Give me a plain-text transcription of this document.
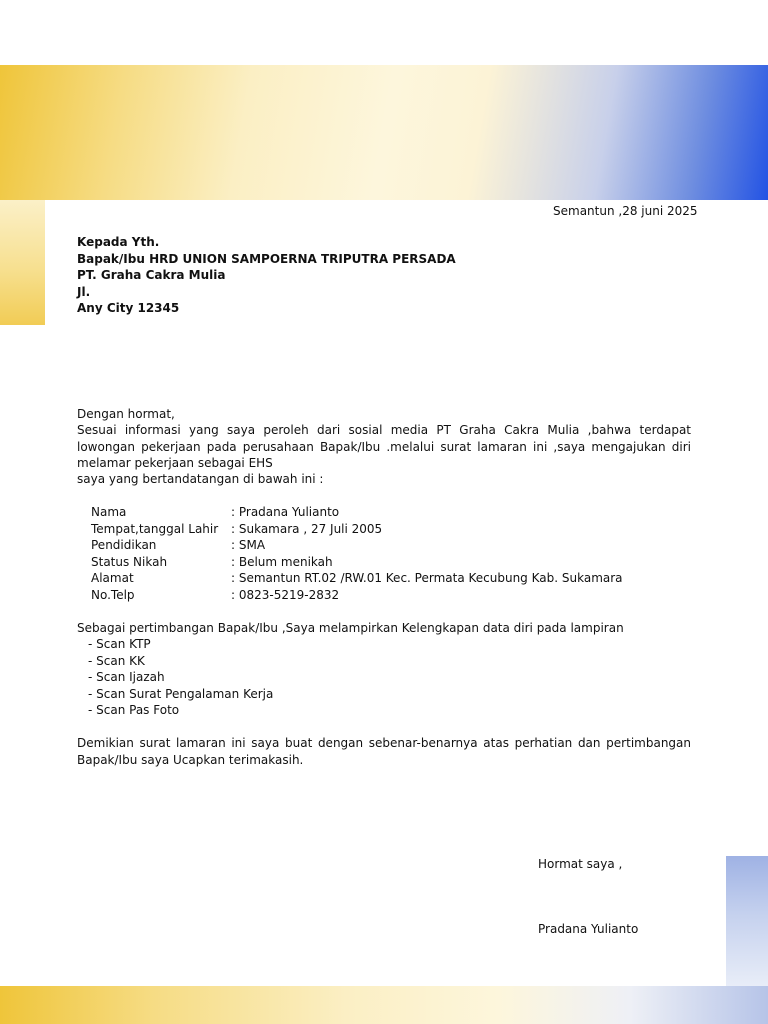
Semantun ,28 juni 2025
Kepada Yth.
Bapak/Ibu HRD UNION SAMPOERNA TRIPUTRA PERSADA
PT. Graha Cakra Mulia
Jl.
Any City 12345
Dengan hormat,
Sesuai informasi yang saya peroleh dari sosial media PT Graha Cakra Mulia ,bahwa terdapat lowongan pekerjaan pada perusahaan Bapak/Ibu .melalui surat lamaran ini ,saya mengajukan diri melamar pekerjaan sebagai EHS
saya yang bertandatangan di bawah ini :
Nama	: Pradana Yulianto
Tempat,tanggal Lahir	: Sukamara , 27 Juli 2005
Pendidikan	: SMA
Status Nikah	: Belum menikah
Alamat	: Semantun RT.02 /RW.01 Kec. Permata Kecubung Kab. Sukamara
No.Telp	: 0823-5219-2832
Sebagai pertimbangan Bapak/Ibu ,Saya melampirkan Kelengkapan data diri pada lampiran
- Scan KTP
- Scan KK
- Scan Ijazah
- Scan Surat Pengalaman Kerja
- Scan Pas Foto
Demikian surat lamaran ini saya buat dengan sebenar-benarnya atas perhatian dan pertimbangan Bapak/Ibu saya Ucapkan terimakasih.
Hormat saya ,
Pradana Yulianto
